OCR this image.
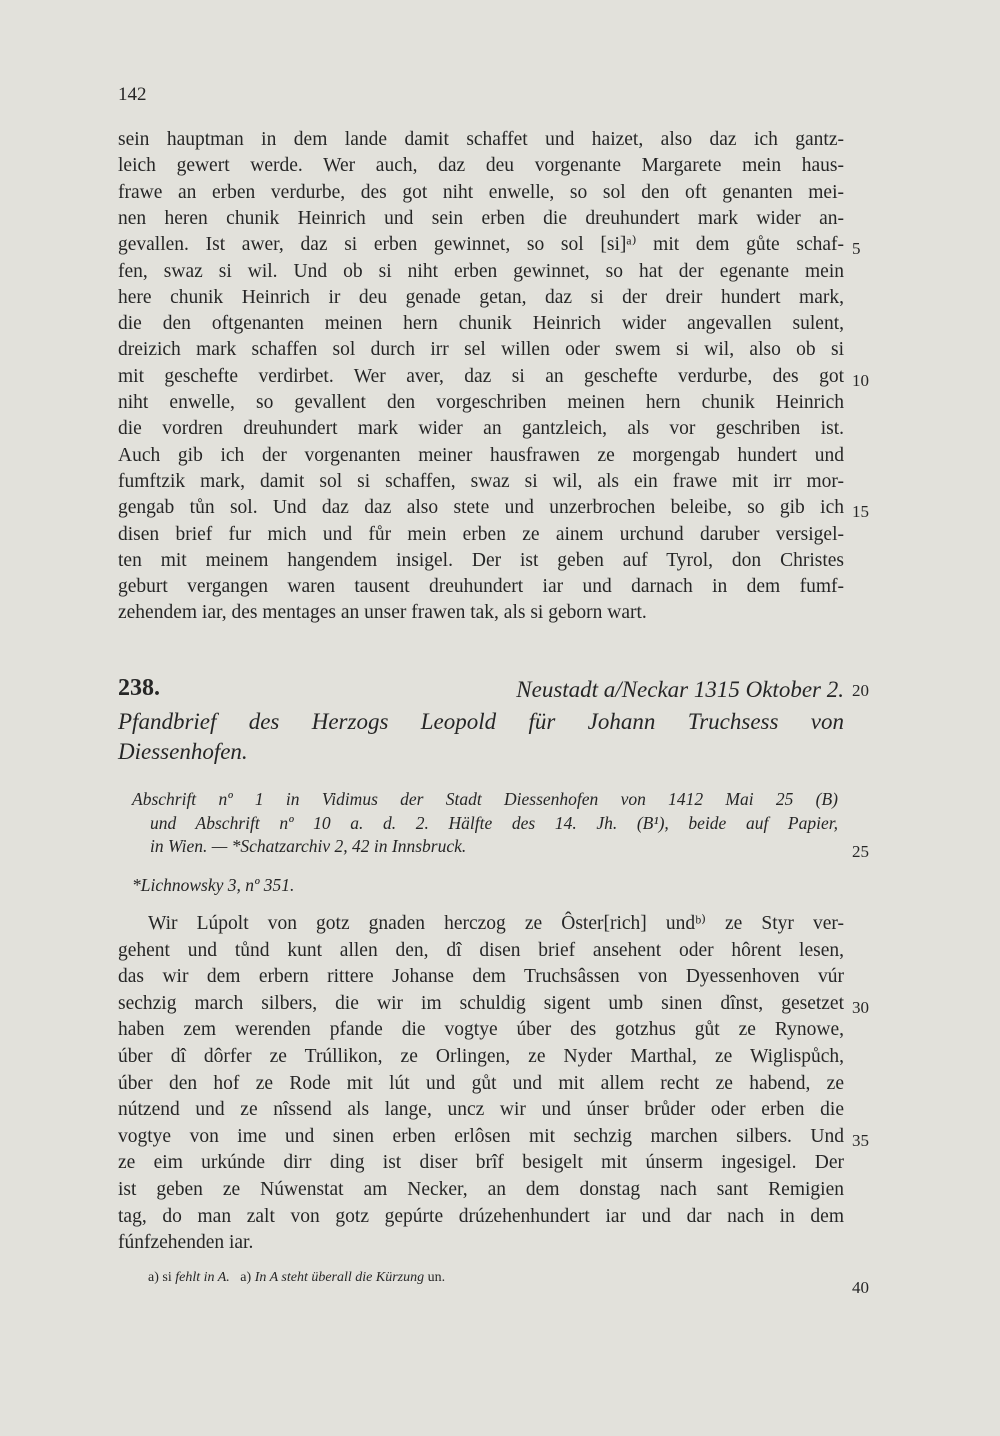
142
sein hauptman in dem lande damit schaffet und haizet, also daz ich gantz-
leich gewert werde. Wer auch, daz deu vorgenante Margarete mein haus-
frawe an erben verdurbe, des got niht enwelle, so sol den oft genanten mei-
nen heren chunik Heinrich und sein erben die dreuhundert mark wider an-
gevallen. Ist awer, daz si erben gewinnet, so sol [si]ᵃ⁾ mit dem gůte schaf- 5
fen, swaz si wil. Und ob si niht erben gewinnet, so hat der egenante mein
here chunik Heinrich ir deu genade getan, daz si der dreir hundert mark,
die den oftgenanten meinen hern chunik Heinrich wider angevallen sulent,
dreizich mark schaffen sol durch irr sel willen oder swem si wil, also ob si
mit geschefte verdirbet. Wer aver, daz si an geschefte verdurbe, des got 10
niht enwelle, so gevallent den vorgeschriben meinen hern chunik Heinrich
die vordren dreuhundert mark wider an gantzleich, als vor geschriben ist.
Auch gib ich der vorgenanten meiner hausfrawen ze morgengab hundert und
fumftzik mark, damit sol si schaffen, swaz si wil, als ein frawe mit irr mor-
gengab tůn sol. Und daz daz also stete und unzerbrochen beleibe, so gib ich 15
disen brief fur mich und fůr mein erben ze ainem urchund daruber versigel-
ten mit meinem hangendem insigel. Der ist geben auf Tyrol, don Christes
geburt vergangen waren tausent dreuhundert iar und darnach in dem fumf-
zehendem iar, des mentages an unser frawen tak, als si geborn wart.
238.	Neustadt a/Neckar 1315 Oktober 2. 20
Pfandbrief des Herzogs Leopold für Johann Truchsess von
Diessenhofen.
Abschrift nº 1 in Vidimus der Stadt Diessenhofen von 1412 Mai 25 (B)
und Abschrift nº 10 a. d. 2. Hälfte des 14. Jh. (B¹), beide auf Papier,
in Wien. — *Schatzarchiv 2, 42 in Innsbruck.	25
*Lichnowsky 3, nº 351.
Wir Lúpolt von gotz gnaden herczog ze Ôster[rich] undᵇ⁾ ze Styr ver-
gehent und tůnd kunt allen den, dî disen brief ansehent oder hôrent lesen,
das wir dem erbern rittere Johanse dem Truchsâssen von Dyessenhoven vúr
sechzig march silbers, die wir im schuldig sigent umb sinen dînst, gesetzet 30
haben zem werenden pfande die vogtye úber des gotzhus gůt ze Rynowe,
úber dî dôrfer ze Trúllikon, ze Orlingen, ze Nyder Marthal, ze Wiglispůch,
úber den hof ze Rode mit lút und gůt und mit allem recht ze habend, ze
nútzend und ze nîssend als lange, uncz wir und únser brůder oder erben die
vogtye von ime und sinen erben erlôsen mit sechzig marchen silbers. Und 35
ze eim urkúnde dirr ding ist diser brîf besigelt mit únserm ingesigel. Der
ist geben ze Núwenstat am Necker, an dem donstag nach sant Remigien
tag, do man zalt von gotz gepúrte drúzehenhundert iar und dar nach in dem
fúnfzehenden iar.
a) si fehlt in A. a) In A steht überall die Kürzung un.
40
